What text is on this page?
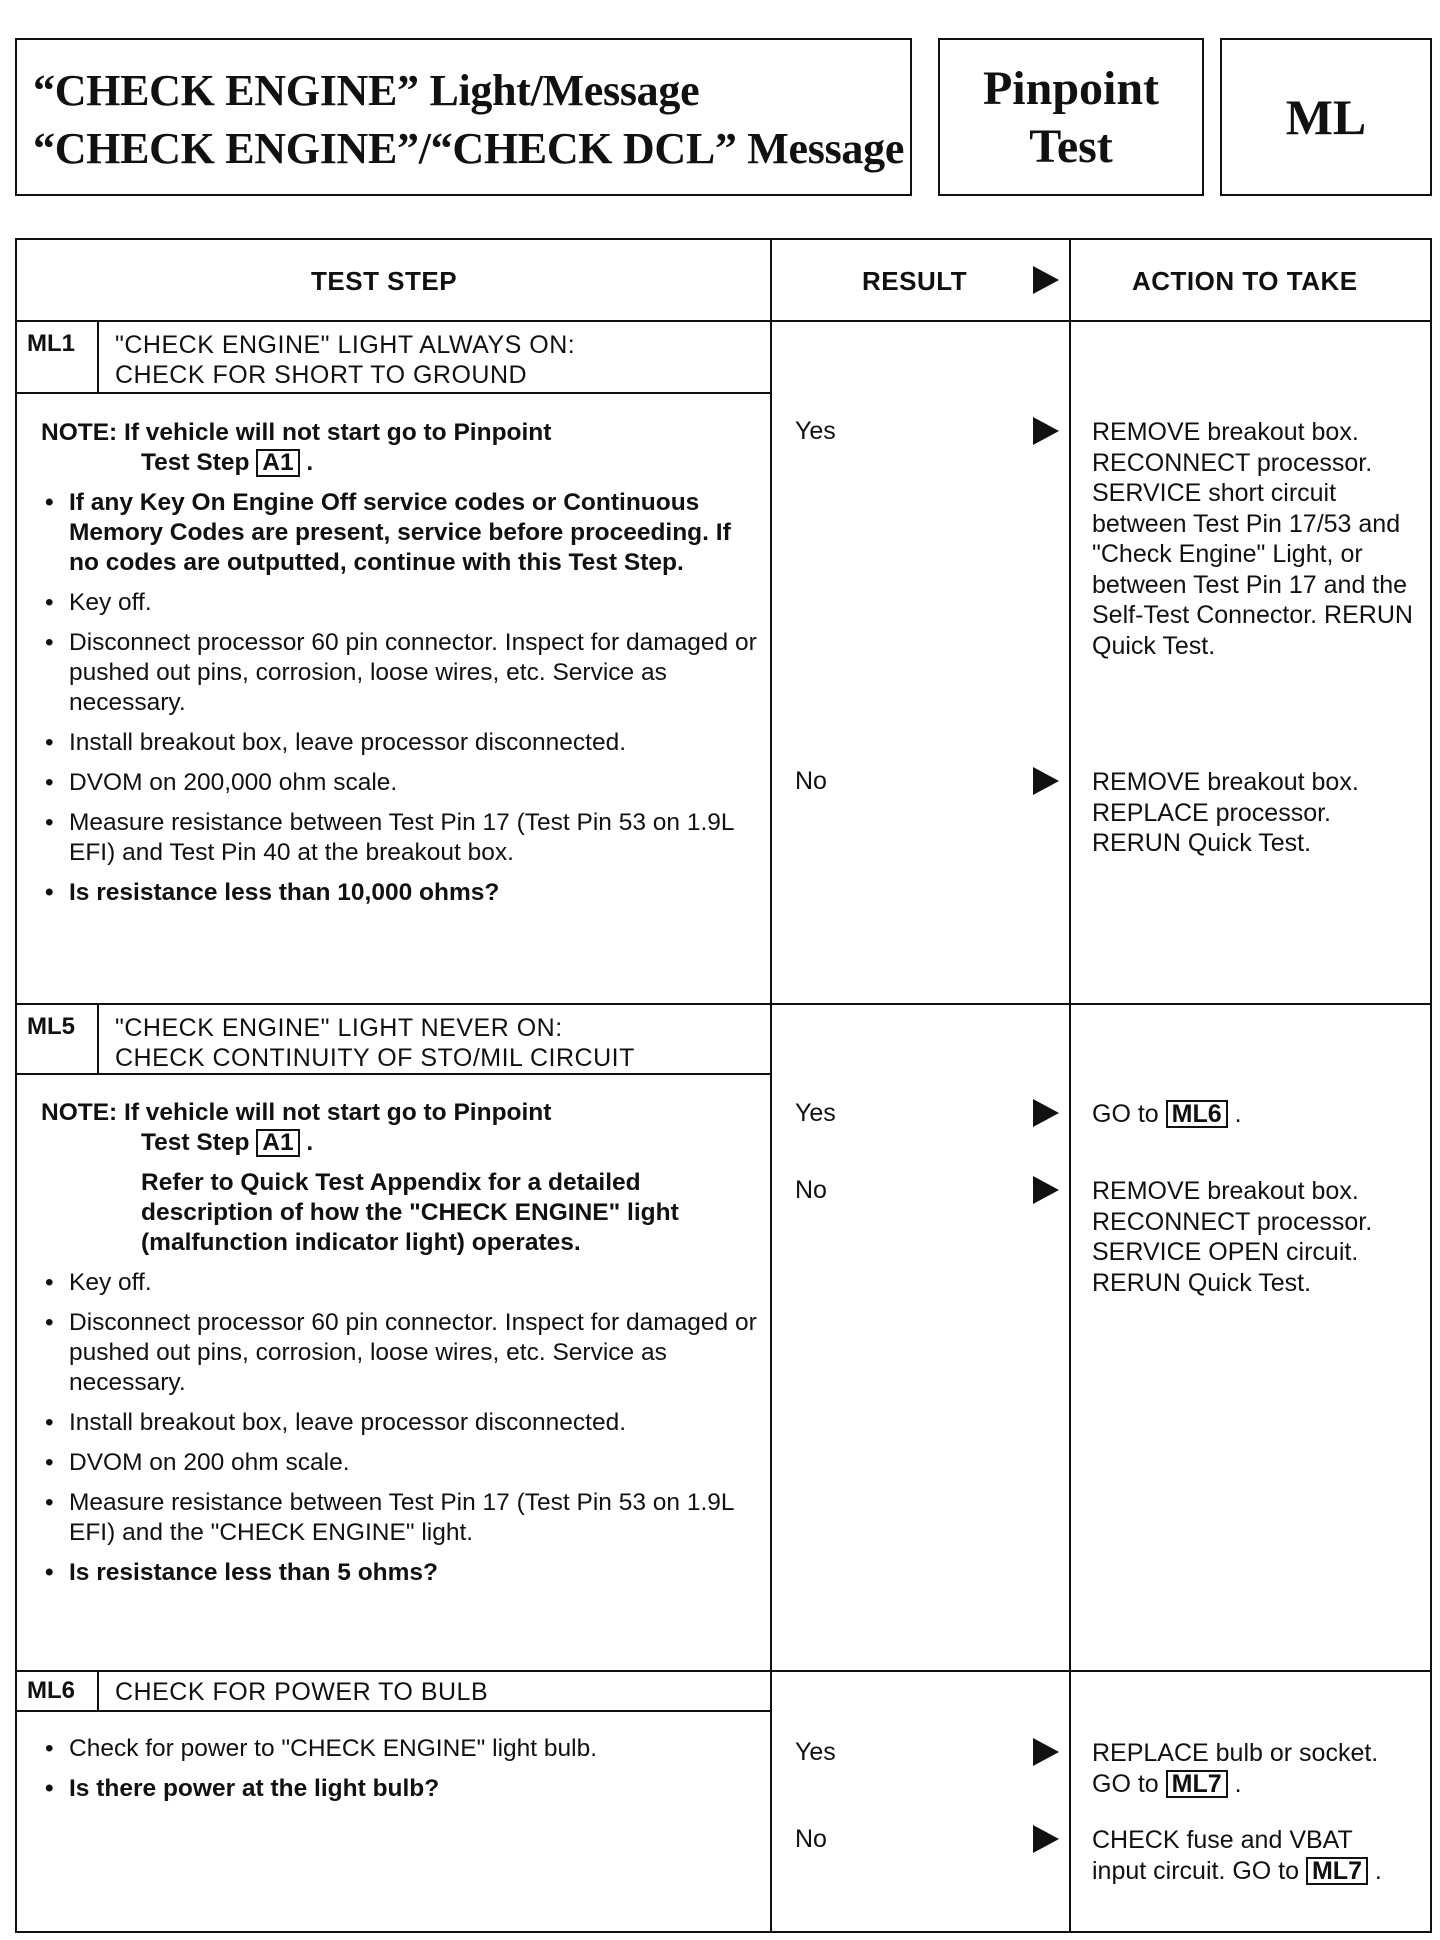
“CHECK ENGINE” Light/Message
“CHECK ENGINE”/“CHECK DCL” Message
Pinpoint
Test
ML
TEST STEP	RESULT	ACTION TO TAKE
ML1	"CHECK ENGINE" LIGHT ALWAYS ON:
CHECK FOR SHORT TO GROUND
NOTE: If vehicle will not start go to Pinpoint
Test Step A1 .
• If any Key On Engine Off service codes or Continuous Memory Codes are present, service before proceeding. If no codes are outputted, continue with this Test Step.
• Key off.
• Disconnect processor 60 pin connector. Inspect for damaged or pushed out pins, corrosion, loose wires, etc. Service as necessary.
• Install breakout box, leave processor disconnected.
• DVOM on 200,000 ohm scale.
• Measure resistance between Test Pin 17 (Test Pin 53 on 1.9L EFI) and Test Pin 40 at the breakout box.
• Is resistance less than 10,000 ohms?
Yes	REMOVE breakout box. RECONNECT processor. SERVICE short circuit between Test Pin 17/53 and "Check Engine" Light, or between Test Pin 17 and the Self-Test Connector. RERUN Quick Test.
No	REMOVE breakout box. REPLACE processor. RERUN Quick Test.
ML5	"CHECK ENGINE" LIGHT NEVER ON:
CHECK CONTINUITY OF STO/MIL CIRCUIT
NOTE: If vehicle will not start go to Pinpoint
Test Step A1 .
Refer to Quick Test Appendix for a detailed description of how the "CHECK ENGINE" light (malfunction indicator light) operates.
• Key off.
• Disconnect processor 60 pin connector. Inspect for damaged or pushed out pins, corrosion, loose wires, etc. Service as necessary.
• Install breakout box, leave processor disconnected.
• DVOM on 200 ohm scale.
• Measure resistance between Test Pin 17 (Test Pin 53 on 1.9L EFI) and the "CHECK ENGINE" light.
• Is resistance less than 5 ohms?
Yes	GO to ML6 .
No	REMOVE breakout box. RECONNECT processor. SERVICE OPEN circuit. RERUN Quick Test.
ML6	CHECK FOR POWER TO BULB
• Check for power to "CHECK ENGINE" light bulb.
• Is there power at the light bulb?
Yes	REPLACE bulb or socket. GO to ML7 .
No	CHECK fuse and VBAT input circuit. GO to ML7 .
